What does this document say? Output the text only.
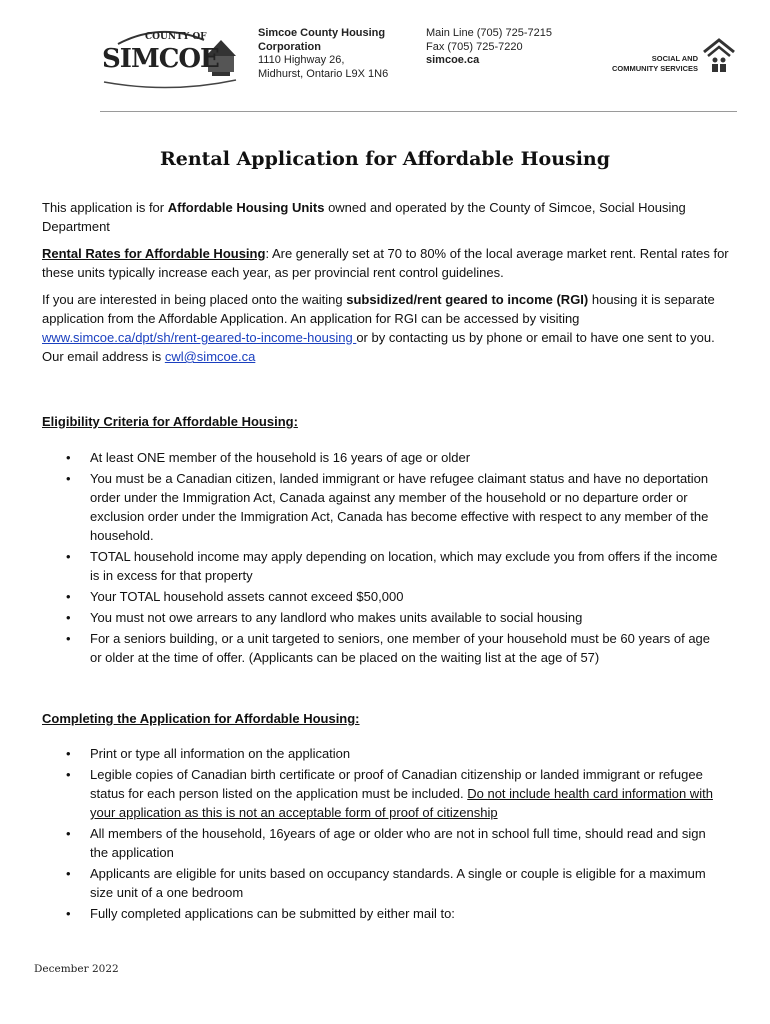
COUNTY OF
SIMCOE
Simcoe County Housing
Corporation
1110 Highway 26,
Midhurst, Ontario L9X 1N6
Main Line (705) 725-7215
Fax (705) 725-7220
simcoe.ca	SOCIAL AND
COMMUNITY SERVICES
Rental Application for Affordable Housing
This application is for Affordable Housing Units owned and operated by the County of Simcoe, Social Housing Department
Rental Rates for Affordable Housing: Are generally set at 70 to 80% of the local average market rent. Rental rates for these units typically increase each year, as per provincial rent control guidelines.
If you are interested in being placed onto the waiting subsidized/rent geared to income (RGI) housing it is separate application from the Affordable Application. An application for RGI can be accessed by visiting www.simcoe.ca/dpt/sh/rent-geared-to-income-housing or by contacting us by phone or email to have one sent to you. Our email address is cwl@simcoe.ca
Eligibility Criteria for Affordable Housing:
• At least ONE member of the household is 16 years of age or older
• You must be a Canadian citizen, landed immigrant or have refugee claimant status and have no deportation order under the Immigration Act, Canada against any member of the household or no departure order or exclusion order under the Immigration Act, Canada has become effective with respect to any member of the household.
• TOTAL household income may apply depending on location, which may exclude you from offers if the income is in excess for that property
• Your TOTAL household assets cannot exceed $50,000
• You must not owe arrears to any landlord who makes units available to social housing
• For a seniors building, or a unit targeted to seniors, one member of your household must be 60 years of age or older at the time of offer. (Applicants can be placed on the waiting list at the age of 57)
Completing the Application for Affordable Housing:
• Print or type all information on the application
• Legible copies of Canadian birth certificate or proof of Canadian citizenship or landed immigrant or refugee status for each person listed on the application must be included. Do not include health card information with your application as this is not an acceptable form of proof of citizenship
• All members of the household, 16years of age or older who are not in school full time, should read and sign the application
• Applicants are eligible for units based on occupancy standards. A single or couple is eligible for a maximum size unit of a one bedroom
• Fully completed applications can be submitted by either mail to:
December 2022
